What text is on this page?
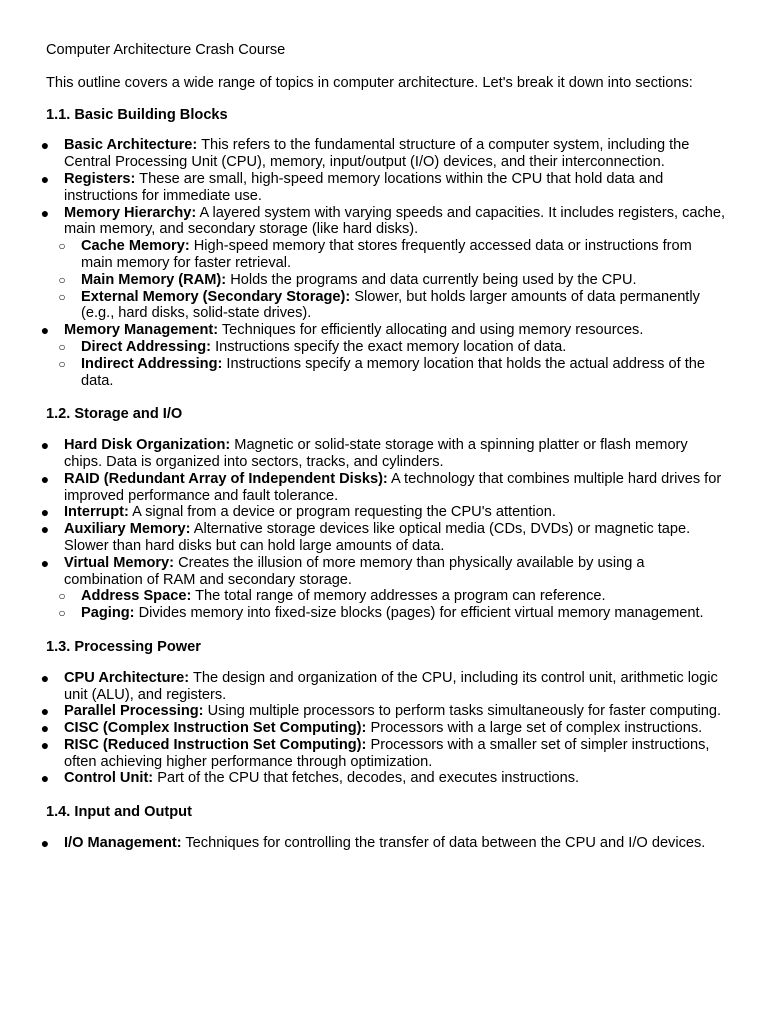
Computer Architecture Crash Course

This outline covers a wide range of topics in computer architecture. Let's break it down into sections:

1.1. Basic Building Blocks

● Basic Architecture: This refers to the fundamental structure of a computer system, including the Central Processing Unit (CPU), memory, input/output (I/O) devices, and their interconnection.
● Registers: These are small, high-speed memory locations within the CPU that hold data and instructions for immediate use.
● Memory Hierarchy: A layered system with varying speeds and capacities. It includes registers, cache, main memory, and secondary storage (like hard disks).
○ Cache Memory: High-speed memory that stores frequently accessed data or instructions from main memory for faster retrieval.
○ Main Memory (RAM): Holds the programs and data currently being used by the CPU.
○ External Memory (Secondary Storage): Slower, but holds larger amounts of data permanently (e.g., hard disks, solid-state drives).
● Memory Management: Techniques for efficiently allocating and using memory resources.
○ Direct Addressing: Instructions specify the exact memory location of data.
○ Indirect Addressing: Instructions specify a memory location that holds the actual address of the data.

1.2. Storage and I/O

● Hard Disk Organization: Magnetic or solid-state storage with a spinning platter or flash memory chips. Data is organized into sectors, tracks, and cylinders.
● RAID (Redundant Array of Independent Disks): A technology that combines multiple hard drives for improved performance and fault tolerance.
● Interrupt: A signal from a device or program requesting the CPU's attention.
● Auxiliary Memory: Alternative storage devices like optical media (CDs, DVDs) or magnetic tape. Slower than hard disks but can hold large amounts of data.
● Virtual Memory: Creates the illusion of more memory than physically available by using a combination of RAM and secondary storage.
○ Address Space: The total range of memory addresses a program can reference.
○ Paging: Divides memory into fixed-size blocks (pages) for efficient virtual memory management.

1.3. Processing Power

● CPU Architecture: The design and organization of the CPU, including its control unit, arithmetic logic unit (ALU), and registers.
● Parallel Processing: Using multiple processors to perform tasks simultaneously for faster computing.
● CISC (Complex Instruction Set Computing): Processors with a large set of complex instructions.
● RISC (Reduced Instruction Set Computing): Processors with a smaller set of simpler instructions, often achieving higher performance through optimization.
● Control Unit: Part of the CPU that fetches, decodes, and executes instructions.

1.4. Input and Output

● I/O Management: Techniques for controlling the transfer of data between the CPU and I/O devices.
